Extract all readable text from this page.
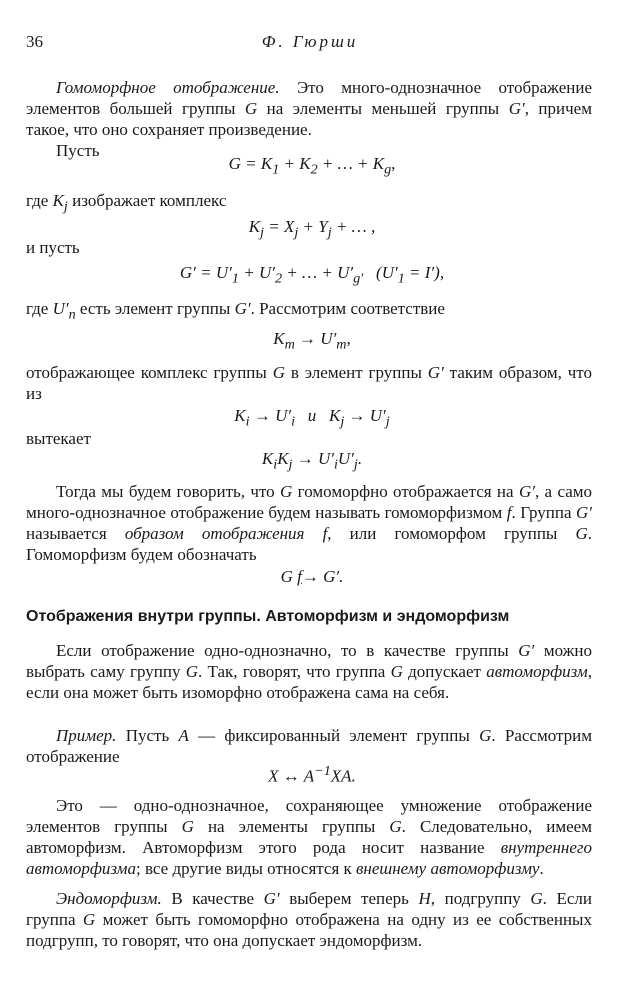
36	Ф. Гюрши
Гомоморфное отображение. Это много-однозначное отображение элементов большей группы G на элементы меньшей группы G′, причем такое, что оно сохраняет произведение.
Пусть
$G = K_1 + K_2$ + … + $K_g$,
где $K_j$ изображает комплекс
$K_j = X_j + Y_j$ + … ,
и пусть
$G' = U'_1 + U'_2$ + … + $U'_{g'}$   $(U'_1 = I')$,
где $U'_n$ есть элемент группы G′. Рассмотрим соответствие
$K_m \to U'_m$,
отображающее комплекс группы G в элемент группы G′ таким образом, что из
$K_i \to U'_i$   и   $K_j \to U'_j$
вытекает
$K_iK_j \to U'_iU'_j$.
Тогда мы будем говорить, что G гомоморфно отображается на G′, а само много-однозначное отображение будем называть гомоморфизмом f. Группа G′ называется образом отображения f, или гомоморфом группы G. Гомоморфизм будем обозначать
G f→ G′.
Отображения внутри группы. Автоморфизм и эндоморфизм
Если отображение одно-однозначно, то в качестве группы G′ можно выбрать саму группу G. Так, говорят, что группа G допускает автоморфизм, если она может быть изоморфно отображена сама на себя.
Пример. Пусть A — фиксированный элемент группы G. Рассмотрим отображение
X ↔ $A^{-1}XA$.
Это — одно-однозначное, сохраняющее умножение отображение элементов группы G на элементы группы G. Следовательно, имеем автоморфизм. Автоморфизм этого рода носит название внутреннего автоморфизма; все другие виды относятся к внешнему автоморфизму.
Эндоморфизм. В качестве G′ выберем теперь H, подгруппу G. Если группа G может быть гомоморфно отображена на одну из ее собственных подгрупп, то говорят, что она допускает эндоморфизм.
